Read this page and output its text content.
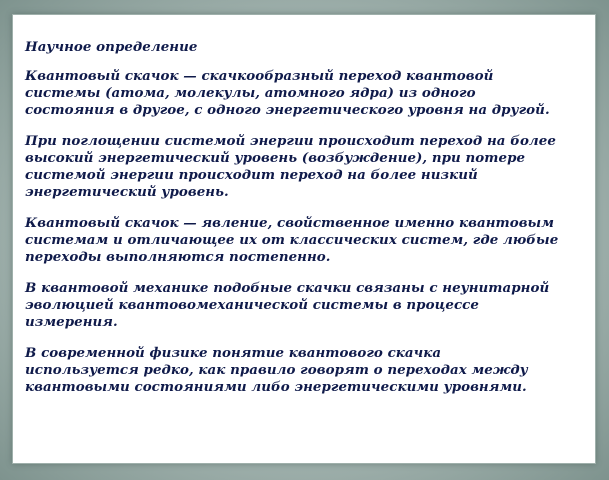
Научное определение
Квантовый скачок — скачкообразный переход квантовой
системы (атома, молекулы, атомного ядра) из одного
состояния в другое, с одного энергетического уровня на другой.
При поглощении системой энергии происходит переход на более
высокий энергетический уровень (возбуждение), при потере
системой энергии происходит переход на более низкий
энергетический уровень.
Квантовый скачок — явление, свойственное именно квантовым
системам и отличающее их от классических систем, где любые
переходы выполняются постепенно.
В квантовой механике подобные скачки связаны с неунитарной
эволюцией квантовомеханической системы в процессе
измерения.
В современной физике понятие квантового скачка
используется редко, как правило говорят о переходах между
квантовыми состояниями либо энергетическими уровнями.
